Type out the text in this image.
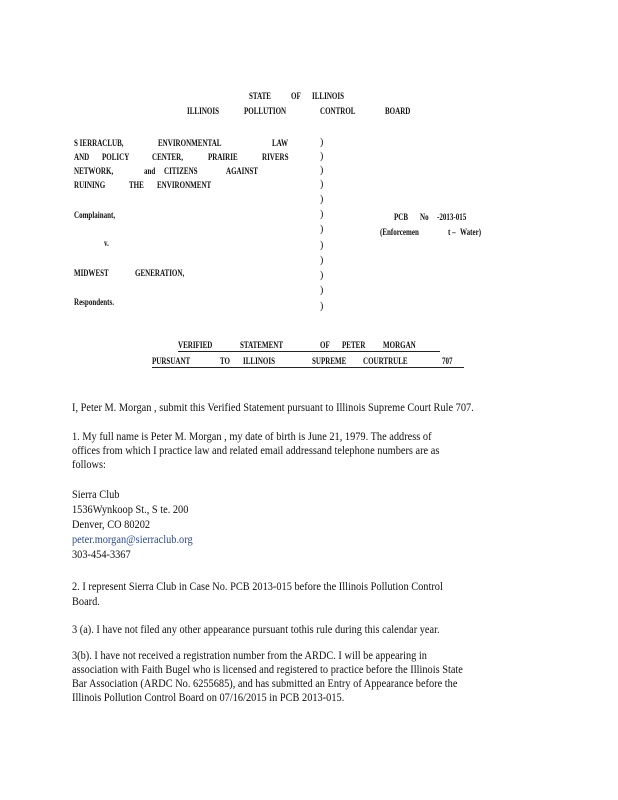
STATE OF ILLINOIS
ILLINOIS	POLLUTION	CONTROL	BOARD
S IERRACLUB,	ENVIRONMENTAL	LAW
AND POLICY	CENTER,	PRAIRIE	RIVERS
NETWORK,	and CITIZENS	AGAINST
RUINING	THE ENVIRONMENT
Complainant,
v.
MIDWEST	GENERATION,
Respondents.
)
)
)
)
)
)
)
)
)
)
)
)
PCB No -2013-015
(Enforcemen	t – Water)
VERIFIED	STATEMENT	OF PETER MORGAN
PURSUANT	TO ILLINOIS	SUPREME COURTRULE	707
I, Peter M. Morgan , submit this Verified Statement pursuant to Illinois Supreme Court Rule 707.
1. My full name is Peter M. Morgan , my date of birth is June 21, 1979. The address of
offices from which I practice law and related email addressand telephone numbers are as
follows:
Sierra Club
1536Wynkoop St., S te. 200
Denver, CO 80202
peter.morgan@sierraclub.org
303-454-3367
2. I represent Sierra Club in Case No. PCB 2013-015 before the Illinois Pollution Control
Board.
3 (a). I have not filed any other appearance pursuant tothis rule during this calendar year.
3(b). I have not received a registration number from the ARDC. I will be appearing in
association with Faith Bugel who is licensed and registered to practice before the Illinois State
Bar Association (ARDC No. 6255685), and has submitted an Entry of Appearance before the
Illinois Pollution Control Board on 07/16/2015 in PCB 2013-015.
